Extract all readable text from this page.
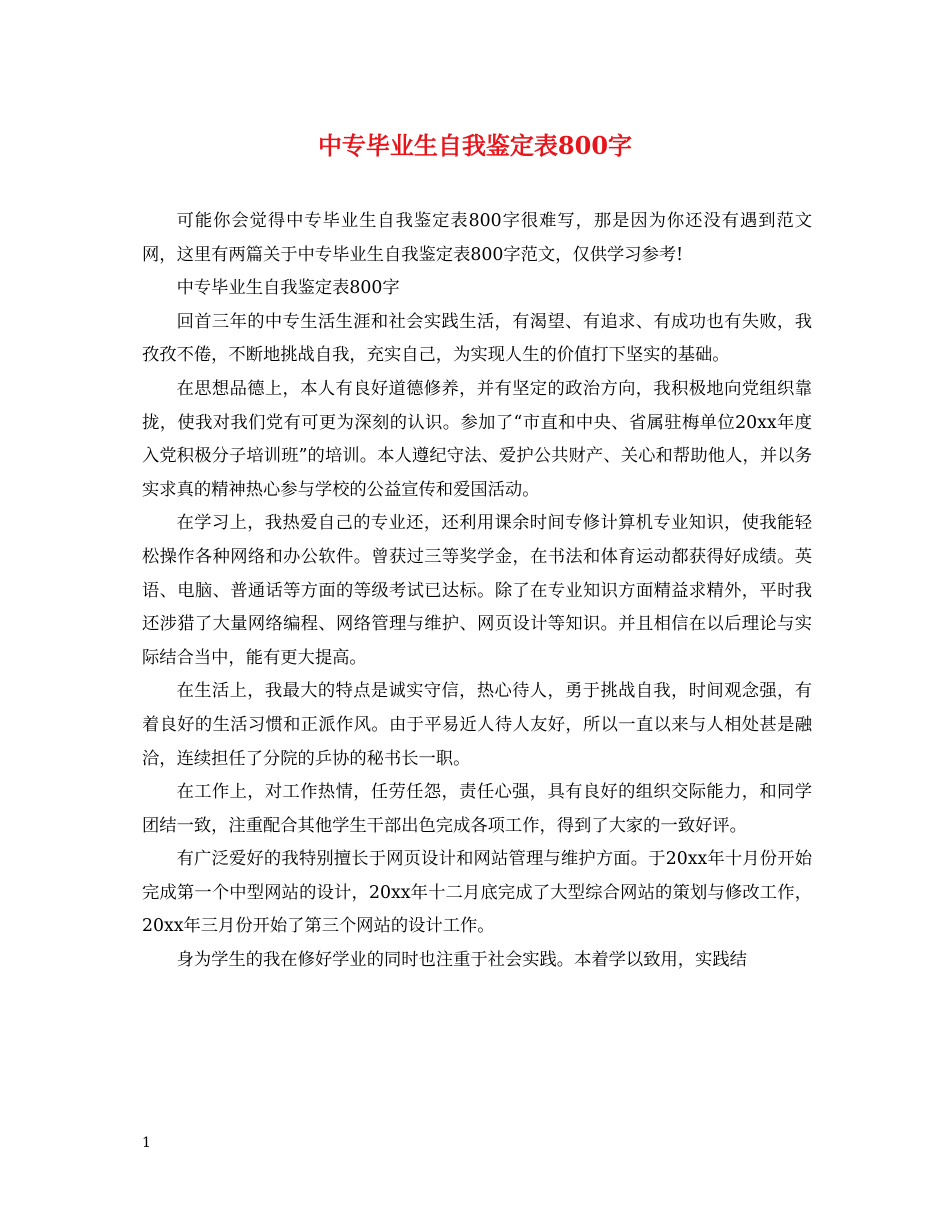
中专毕业生自我鉴定表800字

可能你会觉得中专毕业生自我鉴定表800字很难写，那是因为你还没有遇到范文网，这里有两篇关于中专毕业生自我鉴定表800字范文，仅供学习参考!

中专毕业生自我鉴定表800字

回首三年的中专生活生涯和社会实践生活，有渴望、有追求、有成功也有失败，我孜孜不倦，不断地挑战自我，充实自己，为实现人生的价值打下坚实的基础。

在思想品德上，本人有良好道德修养，并有坚定的政治方向，我积极地向党组织靠拢，使我对我们党有可更为深刻的认识。参加了“市直和中央、省属驻梅单位20xx年度入党积极分子培训班”的培训。本人遵纪守法、爱护公共财产、关心和帮助他人，并以务实求真的精神热心参与学校的公益宣传和爱国活动。

在学习上，我热爱自己的专业还，还利用课余时间专修计算机专业知识，使我能轻松操作各种网络和办公软件。曾获过三等奖学金，在书法和体育运动都获得好成绩。英语、电脑、普通话等方面的等级考试已达标。除了在专业知识方面精益求精外，平时我还涉猎了大量网络编程、网络管理与维护、网页设计等知识。并且相信在以后理论与实际结合当中，能有更大提高。

在生活上，我最大的特点是诚实守信，热心待人，勇于挑战自我，时间观念强，有着良好的生活习惯和正派作风。由于平易近人待人友好，所以一直以来与人相处甚是融洽，连续担任了分院的乒协的秘书长一职。

在工作上，对工作热情，任劳任怨，责任心强，具有良好的组织交际能力，和同学团结一致，注重配合其他学生干部出色完成各项工作，得到了大家的一致好评。

有广泛爱好的我特别擅长于网页设计和网站管理与维护方面。于20xx年十月份开始完成第一个中型网站的设计，20xx年十二月底完成了大型综合网站的策划与修改工作，20xx年三月份开始了第三个网站的设计工作。

身为学生的我在修好学业的同时也注重于社会实践。本着学以致用，实践结

1
